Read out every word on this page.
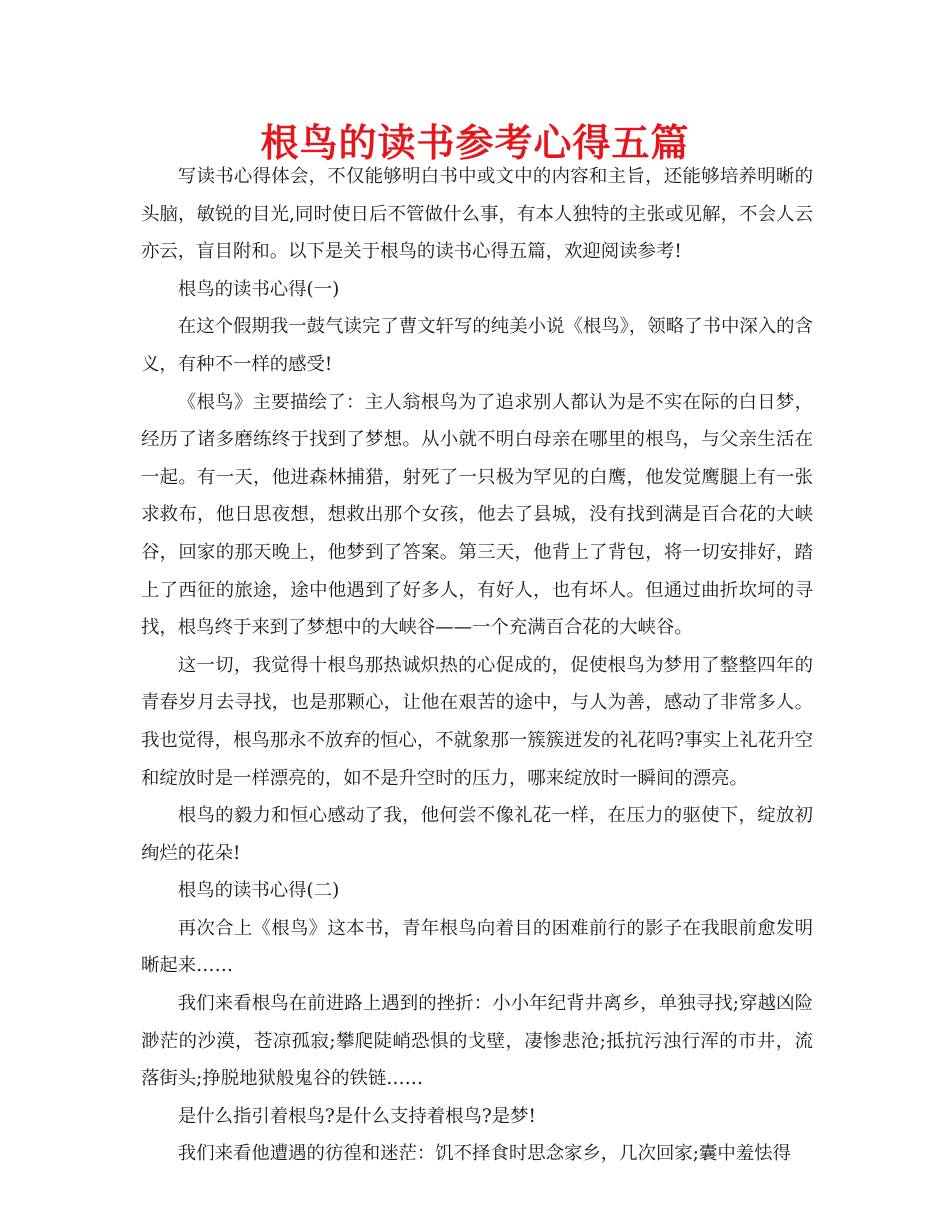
根鸟的读书参考心得五篇

写读书心得体会，不仅能够明白书中或文中的内容和主旨，还能够培养明晰的头脑，敏锐的目光,同时使日后不管做什么事，有本人独特的主张或见解，不会人云亦云，盲目附和。以下是关于根鸟的读书心得五篇，欢迎阅读参考!

根鸟的读书心得(一)

在这个假期我一鼓气读完了曹文轩写的纯美小说《根鸟》，领略了书中深入的含义，有种不一样的感受!

《根鸟》主要描绘了：主人翁根鸟为了追求别人都认为是不实在际的白日梦，经历了诸多磨练终于找到了梦想。从小就不明白母亲在哪里的根鸟，与父亲生活在一起。有一天，他进森林捕猎，射死了一只极为罕见的白鹰，他发觉鹰腿上有一张求救布，他日思夜想，想救出那个女孩，他去了县城，没有找到满是百合花的大峡谷，回家的那天晚上，他梦到了答案。第三天，他背上了背包，将一切安排好，踏上了西征的旅途，途中他遇到了好多人，有好人，也有坏人。但通过曲折坎坷的寻找，根鸟终于来到了梦想中的大峡谷——一个充满百合花的大峡谷。

这一切，我觉得十根鸟那热诚炽热的心促成的，促使根鸟为梦用了整整四年的青春岁月去寻找，也是那颗心，让他在艰苦的途中，与人为善，感动了非常多人。我也觉得，根鸟那永不放弃的恒心，不就象那一簇簇迸发的礼花吗?事实上礼花升空和绽放时是一样漂亮的，如不是升空时的压力，哪来绽放时一瞬间的漂亮。

根鸟的毅力和恒心感动了我，他何尝不像礼花一样，在压力的驱使下，绽放初绚烂的花朵!

根鸟的读书心得(二)

再次合上《根鸟》这本书，青年根鸟向着目的困难前行的影子在我眼前愈发明晰起来……

我们来看根鸟在前进路上遇到的挫折：小小年纪背井离乡，单独寻找;穿越凶险渺茫的沙漠，苍凉孤寂;攀爬陡峭恐惧的戈壁，凄惨悲沧;抵抗污浊行浑的市井，流落街头;挣脱地狱般鬼谷的铁链……

是什么指引着根鸟?是什么支持着根鸟?是梦!

我们来看他遭遇的彷徨和迷茫：饥不择食时思念家乡，几次回家;囊中羞怯得
